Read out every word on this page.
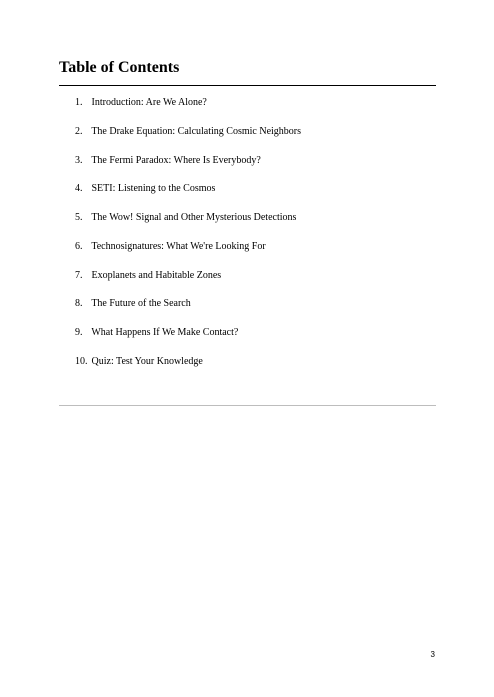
Table of Contents
1. Introduction: Are We Alone?
2. The Drake Equation: Calculating Cosmic Neighbors
3. The Fermi Paradox: Where Is Everybody?
4. SETI: Listening to the Cosmos
5. The Wow! Signal and Other Mysterious Detections
6. Technosignatures: What We're Looking For
7. Exoplanets and Habitable Zones
8. The Future of the Search
9. What Happens If We Make Contact?
10. Quiz: Test Your Knowledge
3
